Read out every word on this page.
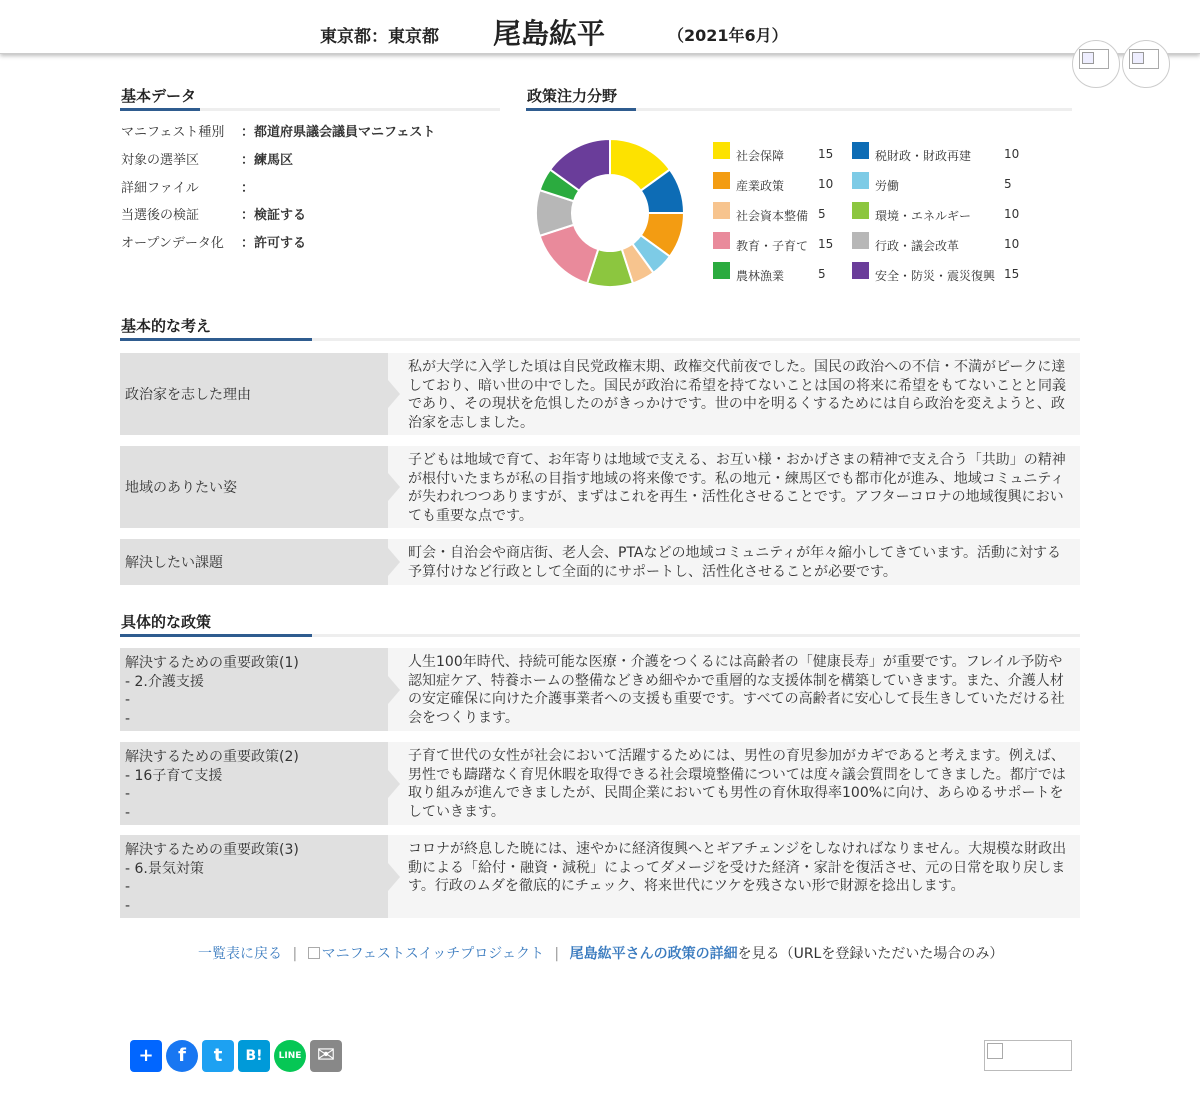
東京都：東京都 尾島紘平	（2021年6月）
基本データ
マニフェスト種別 ：都道府県議会議員マニフェスト
対象の選挙区	：練馬区
詳細ファイル	：
当選後の検証	：検証する
オープンデータ化 ：許可する
政策注力分野
社会保障	15
産業政策	10
社会資本整備 5
教育・子育て 15
農林漁業	5
税財政・財政再建	10
労働	5
環境・エネルギー	10
行政・議会改革	10
安全・防災・震災復興 15
基本的な考え
政治家を志した理由
私が大学に入学した頃は自民党政権末期、政権交代前夜でした。国民の政治への不信・不満がピークに達しており、暗い世の中でした。国民が政治に希望を持てないことは国の将来に希望をもてないことと同義であり、その現状を危惧したのがきっかけです。世の中を明るくするためには自ら政治を変えようと、政治家を志しました。
地域のありたい姿
子どもは地域で育て、お年寄りは地域で支える、お互い様・おかげさまの精神で支え合う「共助」の精神が根付いたまちが私の目指す地域の将来像です。私の地元・練馬区でも都市化が進み、地域コミュニティが失われつつありますが、まずはこれを再生・活性化させることです。アフターコロナの地域復興においても重要な点です。
解決したい課題
町会・自治会や商店街、老人会、PTAなどの地域コミュニティが年々縮小してきています。活動に対する予算付けなど行政として全面的にサポートし、活性化させることが必要です。
具体的な政策
解決するための重要政策(1)
- 2.介護支援
-
-
人生100年時代、持続可能な医療・介護をつくるには高齢者の「健康長寿」が重要です。フレイル予防や認知症ケア、特養ホームの整備などきめ細やかで重層的な支援体制を構築していきます。また、介護人材の安定確保に向けた介護事業者への支援も重要です。すべての高齢者に安心して長生きしていただける社会をつくります。
解決するための重要政策(2)
- 16子育て支援
-
-
子育て世代の女性が社会において活躍するためには、男性の育児参加がカギであると考えます。例えば、男性でも躊躇なく育児休暇を取得できる社会環境整備については度々議会質問をしてきました。都庁では取り組みが進んできましたが、民間企業においても男性の育休取得率100%に向け、あらゆるサポートをしていきます。
解決するための重要政策(3)
- 6.景気対策
-
-
コロナが終息した暁には、速やかに経済復興へとギアチェンジをしなければなりません。大規模な財政出動による「給付・融資・減税」によってダメージを受けた経済・家計を復活させ、元の日常を取り戻します。行政のムダを徹底的にチェック、将来世代にツケを残さない形で財源を捻出します。
一覧表に戻る | マニフェストスイッチプロジェクト | 尾島紘平さんの政策の詳細を見る（URLを登録いただいた場合のみ）
+	f	t	B!	LINE ✉
